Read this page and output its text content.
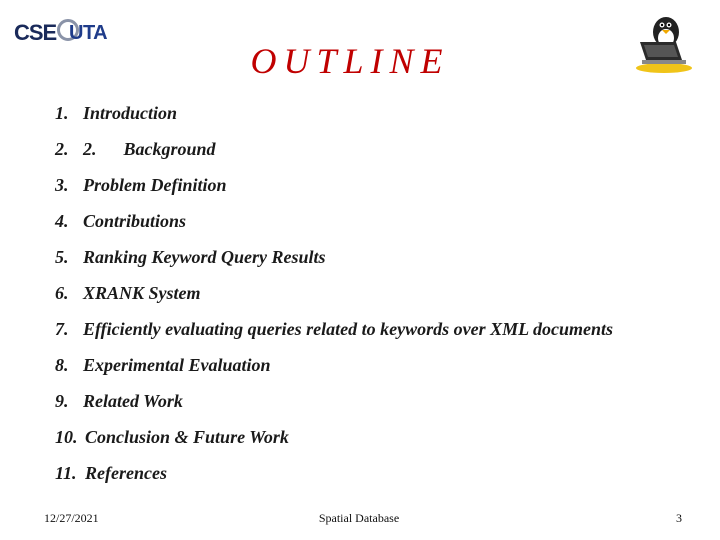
CSE UTA
OUTLINE
1. Introduction
2. 2.      Background
3. Problem Definition
4. Contributions
5. Ranking Keyword Query Results
6. XRANK System
7. Efficiently evaluating queries related to keywords over XML documents
8. Experimental Evaluation
9. Related Work
10. Conclusion & Future Work
11. References
12/27/2021	Spatial Database	3
